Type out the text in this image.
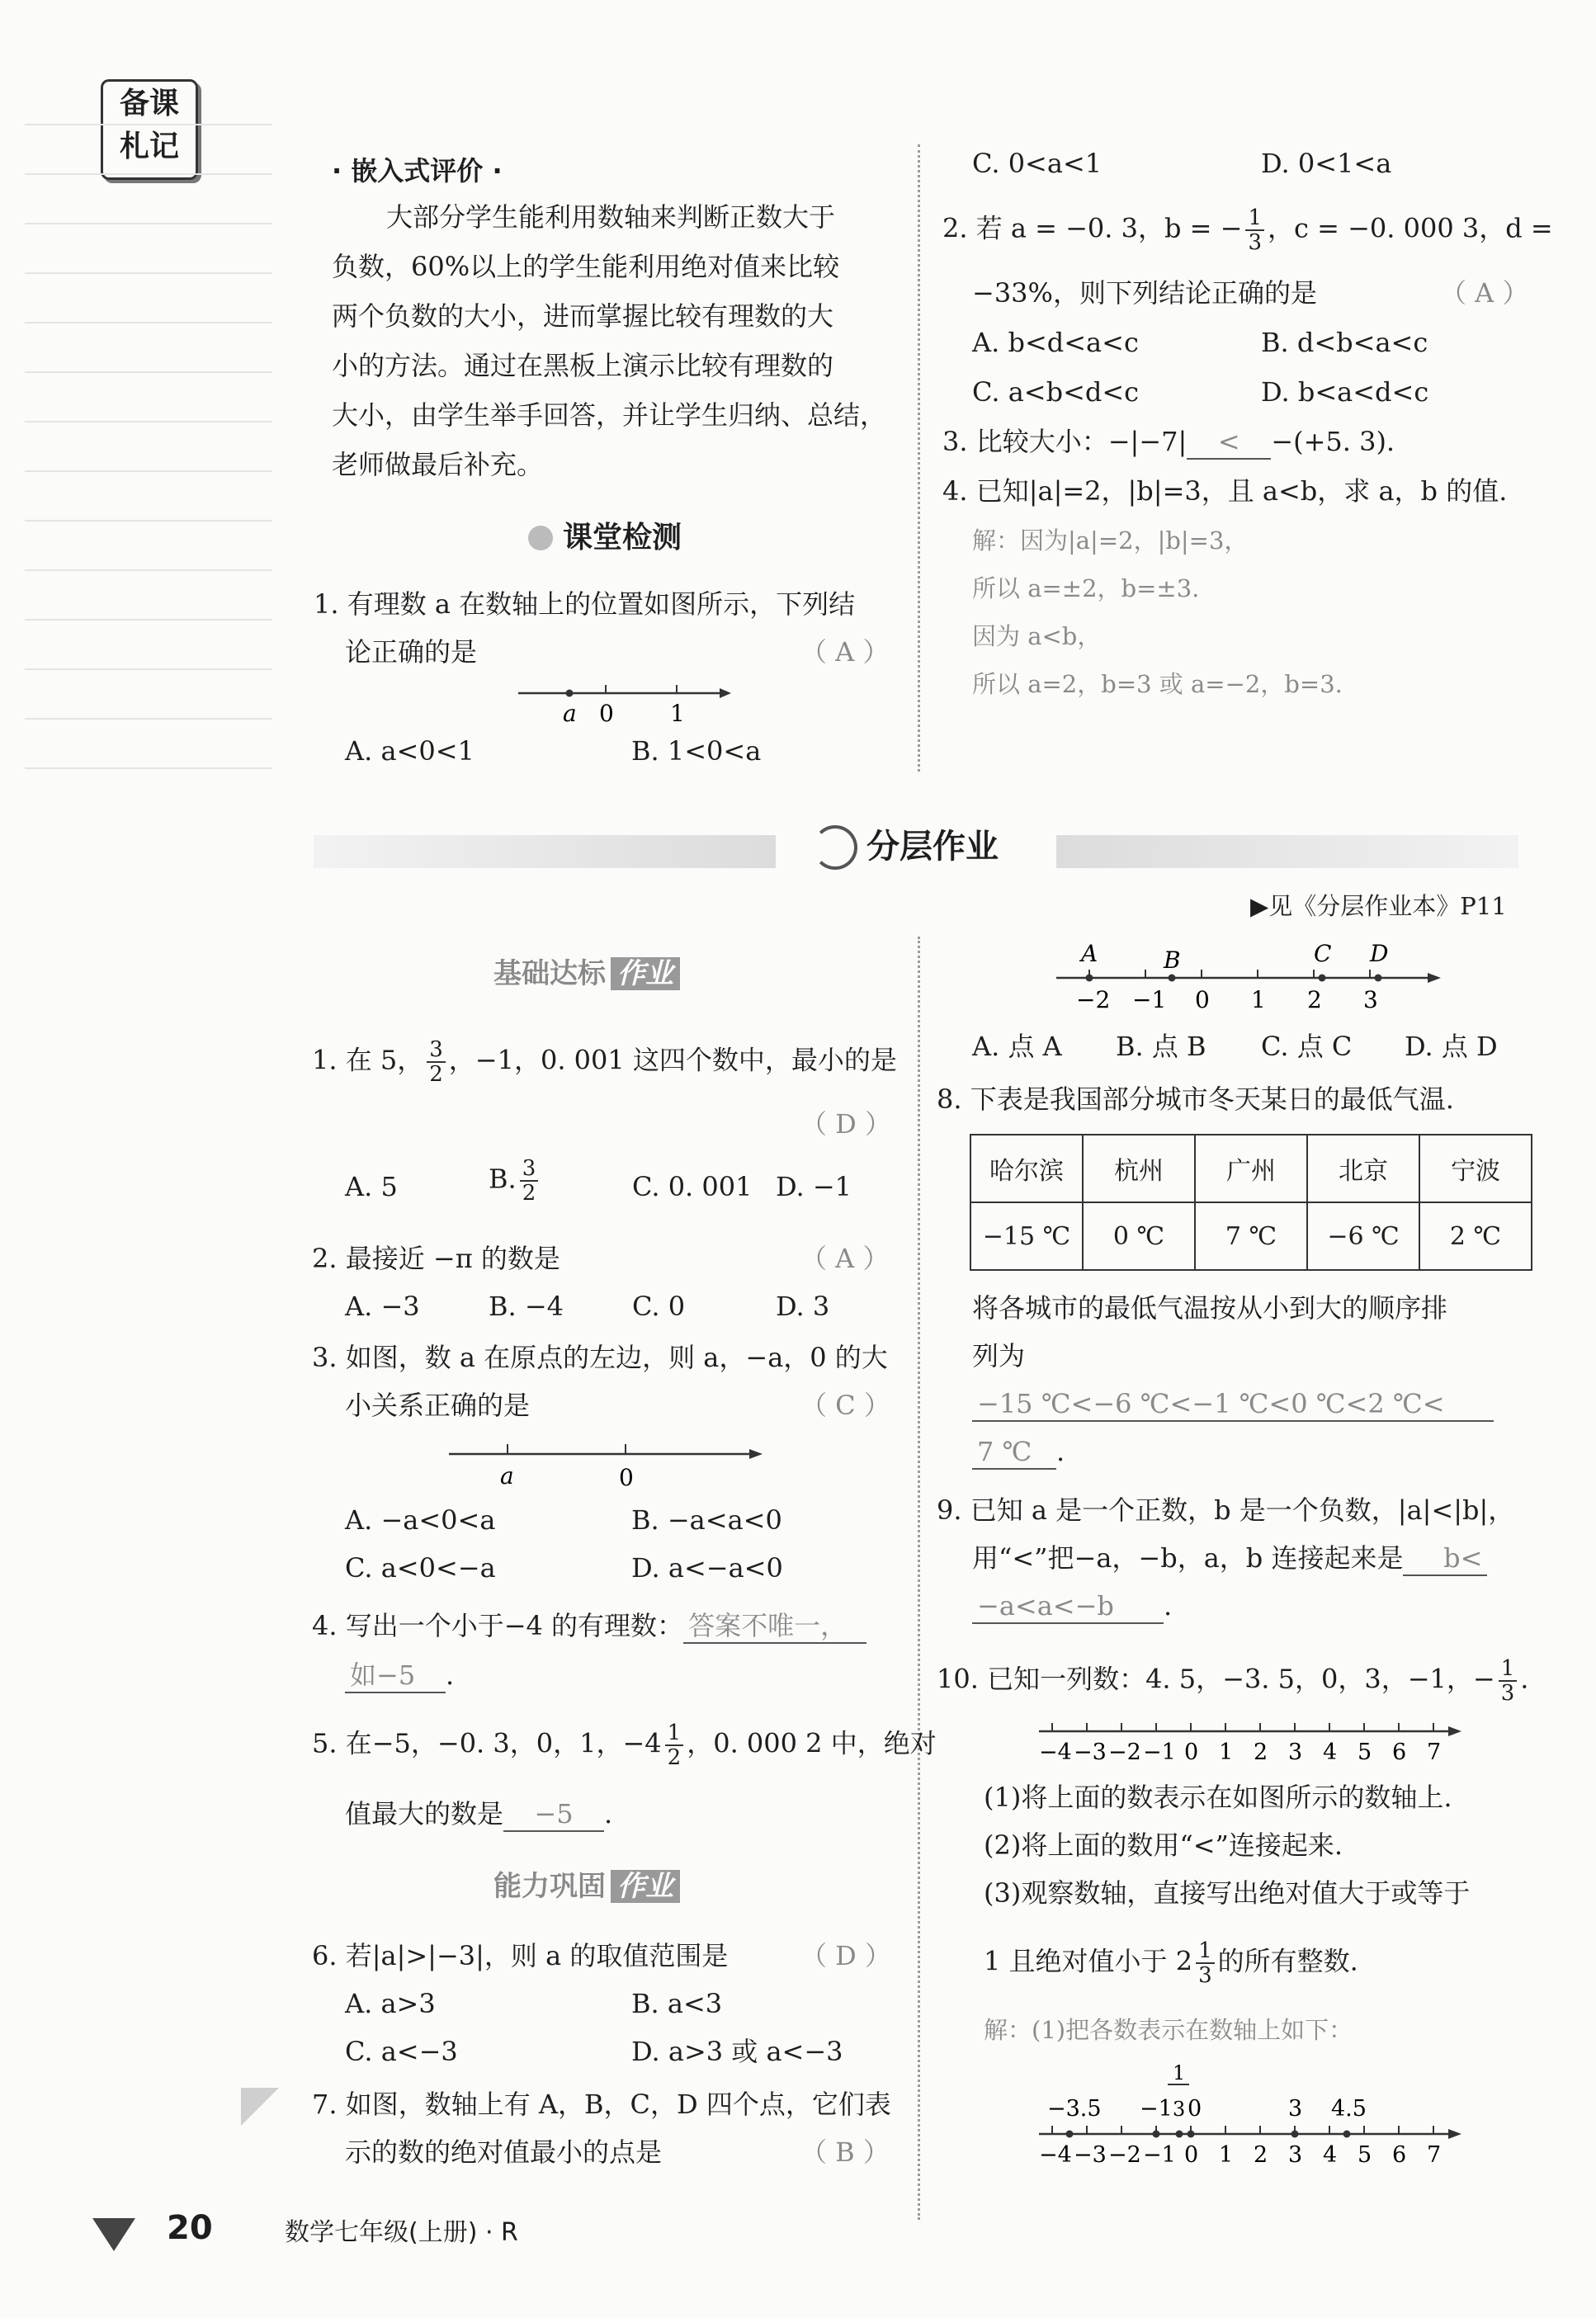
备课
札记
· 嵌入式评价 ·
大部分学生能利用数轴来判断正数大于
负数，60%以上的学生能利用绝对值来比较
两个负数的大小，进而掌握比较有理数的大
小的方法。通过在黑板上演示比较有理数的
大小，由学生举手回答，并让学生归纳、总结，
老师做最后补充。
课堂检测
1. 有理数 a 在数轴上的位置如图所示，下列结
论正确的是	（ A ）
a 0 1
A. a<0<1	B. 1<0<a
C. 0<a<1	D. 0<1<a
2. 若 a = −0. 3，b = − $\frac{1}{3}$ ，c = −0. 000 3，d =
−33%，则下列结论正确的是	（ A ）
A. b<d<a<c	B. d<b<a<c
C. a<b<d<c	D. b<a<d<c
3. 比较大小：−|−7| < −(+5. 3).
4. 已知|a|=2，|b|=3，且 a<b，求 a，b 的值.
解：因为|a|=2，|b|=3，
所以 a=±2，b=±3.
因为 a<b，
所以 a=2，b=3 或 a=−2，b=3.
分层作业
▶见《分层作业本》P11
基础达标 作业
1. 在 5， $\frac{3}{2}$ ，−1，0. 001 这四个数中，最小的是
（ D ）
A. 5	B. $\frac{3}{2}$	C. 0. 001 D. −1
2. 最接近 −π 的数是	（ A ）
A. −3	B. −4	C. 0	D. 3
3. 如图，数 a 在原点的左边，则 a，−a，0 的大
小关系正确的是	（ C ）
a	0
A. −a<0<a	B. −a<a<0
C. a<0<−a	D. a<−a<0
4. 写出一个小于−4 的有理数： 答案不唯一，
如−5 .
5. 在−5，−0. 3，0，1，$-4 \frac{1}{2}$ ，0. 000 2 中，绝对
值最大的数是 −5 .
能力巩固 作业
6. 若|a|>|−3|，则 a 的取值范围是	（ D ）
A. a>3	B. a<3
C. a<−3	D. a>3 或 a<−3
7. 如图，数轴上有 A，B，C，D 四个点，它们表
示的数的绝对值最小的点是	（ B ）
A	B	C D
−2 −1 0 1 2 3
A. 点 A B. 点 B C. 点 C D. 点 D
8. 下表是我国部分城市冬天某日的最低气温.
哈尔滨	杭州	广州	北京	宁波
−15 ℃	0 ℃	7 ℃	−6 ℃	2 ℃
将各城市的最低气温按从小到大的顺序排
列为
−15 ℃<−6 ℃<−1 ℃<0 ℃<2 ℃<
7 ℃ .
9. 已知 a 是一个正数，b 是一个负数，|a|<|b|，
用“<”把−a，−b，a，b 连接起来是 b<
−a<a<−b .
10. 已知一列数：4. 5，−3. 5，0，3，−1，− $\frac{1}{3}$ .
−4 −3 −2 −1 0 1 2 3 4 5 6 7
(1)将上面的数表示在如图所示的数轴上.
(2)将上面的数用“<”连接起来.
(3)观察数轴，直接写出绝对值大于或等于
1 且绝对值小于 $2 \frac{1}{3}$ 的所有整数.
解：(1)把各数表示在数轴上如下：
−3.5 −1
1
3 0	3 4.5
−4 −3 −2 −1 0 1 2 3 4 5 6 7
20	数学七年级(上册) · R
